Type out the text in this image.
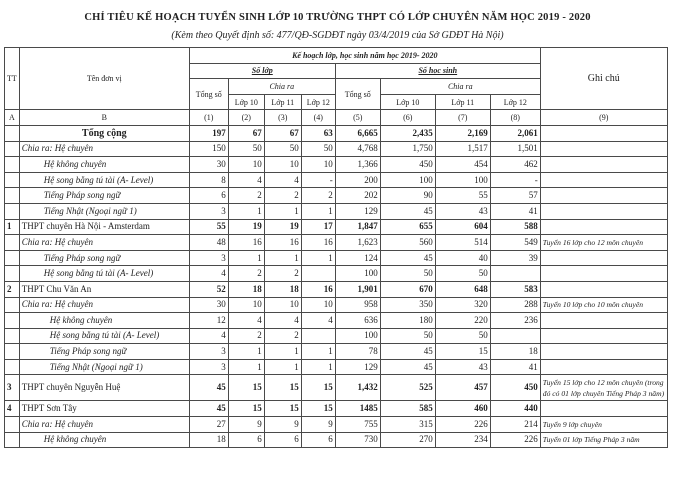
CHỈ TIÊU KẾ HOẠCH TUYỂN SINH LỚP 10 TRƯỜNG THPT CÓ LỚP CHUYÊN NĂM HỌC 2019 - 2020
(Kèm theo Quyết định số: 477/QĐ-SGDĐT ngày 03/4/2019 của Sở GDĐT Hà Nội)
TT	Tên đơn vị	Kế hoạch lớp, học sinh năm học 2019- 2020								Ghi chú
		Số lớp				Số học sinh				
		Tổng số	Chia ra			Tổng số	Chia ra			
			Lớp 10	Lớp 11	Lớp 12		Lớp 10	Lớp 11	Lớp 12	
A	B	(1)	(2)	(3)	(4)	(5)	(6)	(7)	(8)	(9)
	Tổng cộng	197	67	67	63	6,665	2,435	2,169	2,061	
	Chia ra: Hệ chuyên	150	50	50	50	4,768	1,750	1,517	1,501	
	Hệ không chuyên	30	10	10	10	1,366	450	454	462	
	Hệ song bằng tú tài (A- Level)	8	4	4	-	200	100	100	-	
	Tiếng Pháp song ngữ	6	2	2	2	202	90	55	57	
	Tiếng Nhật (Ngoại ngữ 1)	3	1	1	1	129	45	43	41	
1	THPT chuyên Hà Nội - Amsterdam	55	19	19	17	1,847	655	604	588	
	Chia ra: Hệ chuyên	48	16	16	16	1,623	560	514	549	Tuyển 16 lớp cho 12 môn chuyên
	Tiếng Pháp song ngữ	3	1	1	1	124	45	40	39	
	Hệ song bằng tú tài (A- Level)	4	2	2		100	50	50		
2	THPT Chu Văn An	52	18	18	16	1,901	670	648	583	
	Chia ra: Hệ chuyên	30	10	10	10	958	350	320	288	Tuyển 10 lớp cho 10 môn chuyên
	Hệ không chuyên	12	4	4	4	636	180	220	236	
	Hệ song bằng tú tài (A- Level)	4	2	2		100	50	50		
	Tiếng Pháp song ngữ	3	1	1	1	78	45	15	18	
	Tiếng Nhật (Ngoại ngữ 1)	3	1	1	1	129	45	43	41	
3	THPT chuyên Nguyễn Huệ	45	15	15	15	1,432	525	457	450	Tuyển 15 lớp cho 12 môn chuyên (trong đó có 01 lớp chuyên Tiếng Pháp 3 năm)
4	THPT Sơn Tây	45	15	15	15	1485	585	460	440	
	Chia ra: Hệ chuyên	27	9	9	9	755	315	226	214	Tuyển 9 lớp chuyên
	Hệ không chuyên	18	6	6	6	730	270	234	226	Tuyển 01 lớp Tiếng Pháp 3 năm
